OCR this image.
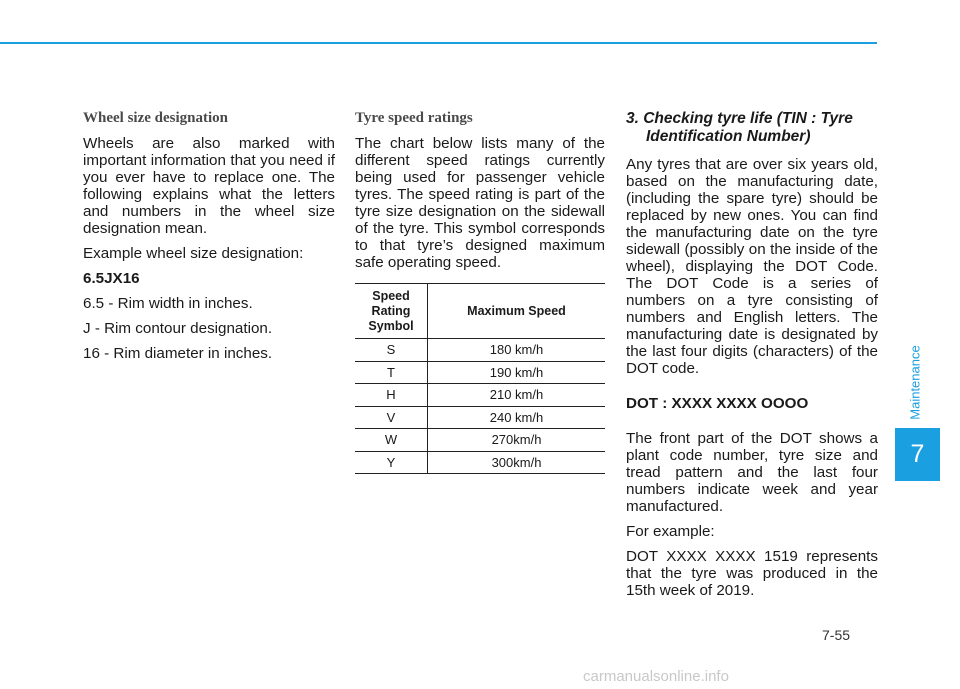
Wheel size designation

Wheels are also marked with important information that you need if you ever have to replace one. The following explains what the letters and numbers in the wheel size designation mean.

Example wheel size designation:

6.5JX16

6.5 - Rim width in inches.

J - Rim contour designation.

16 - Rim diameter in inches.

Tyre speed ratings

The chart below lists many of the different speed ratings currently being used for passenger vehicle tyres. The speed rating is part of the tyre size designation on the sidewall of the tyre. This symbol corresponds to that tyre’s designed maximum safe operating speed.

Speed
Rating
Symbol	Maximum Speed
S	180 km/h
T	190 km/h
H	210 km/h
V	240 km/h
W	270km/h
Y	300km/h
3. Checking tyre life (TIN : Tyre
Identification Number)

Any tyres that are over six years old, based on the manufacturing date, (including the spare tyre) should be replaced by new ones. You can find the manufacturing date on the tyre sidewall (possibly on the inside of the wheel), displaying the DOT Code. The DOT Code is a series of numbers on a tyre consisting of numbers and English letters. The manufacturing date is designated by the last four digits (characters) of the DOT code.

DOT : XXXX XXXX OOOO

The front part of the DOT shows a plant code number, tyre size and tread pattern and the last four numbers indicate week and year manufactured.

For example:

DOT XXXX XXXX 1519 represents that the tyre was produced in the 15th week of 2019.

Maintenance
7
7-55
carmanualsonline.info
